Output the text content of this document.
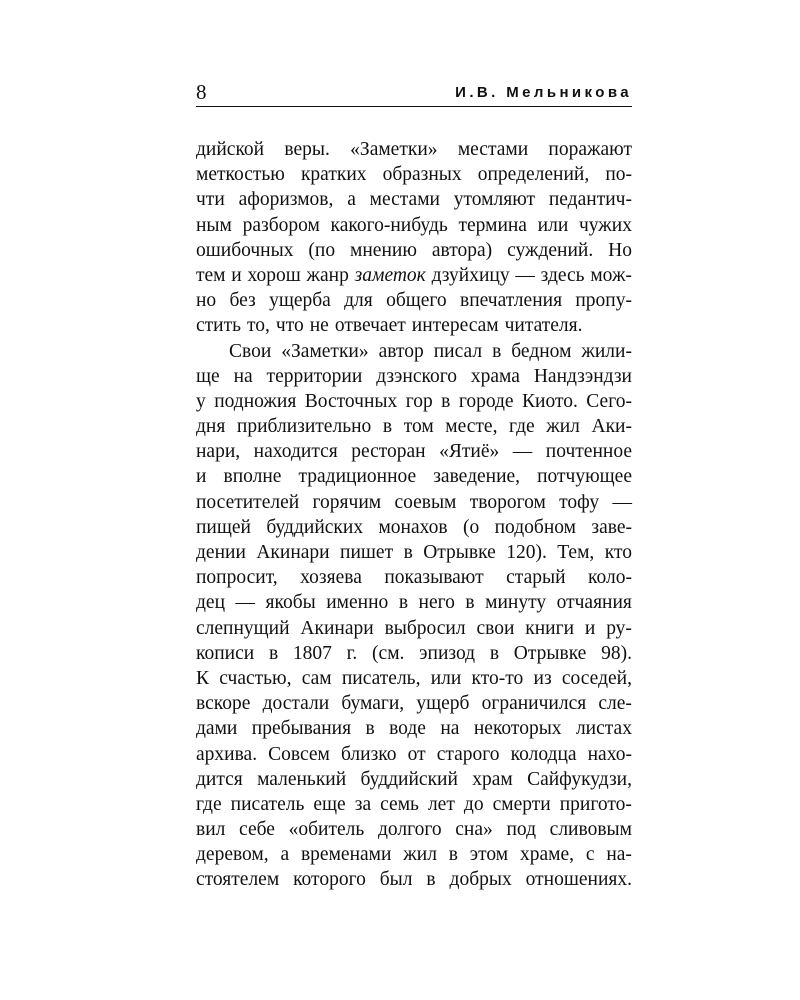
8	И.В. Мельникова
дийской веры. «Заметки» местами поражают
меткостью кратких образных определений, по-
чти афоризмов, а местами утомляют педантич-
ным разбором какого-нибудь термина или чужих
ошибочных (по мнению автора) суждений. Но
тем и хорош жанр заметок дзуйхицу — здесь мож-
но без ущерба для общего впечатления пропу-
стить то, что не отвечает интересам читателя.
Свои «Заметки» автор писал в бедном жили-
ще на территории дзэнского храма Нандзэндзи
у подножия Восточных гор в городе Киото. Сего-
дня приблизительно в том месте, где жил Аки-
нари, находится ресторан «Ятиё» — почтенное
и вполне традиционное заведение, потчующее
посетителей горячим соевым творогом тофу —
пищей буддийских монахов (о подобном заве-
дении Акинари пишет в Отрывке 120). Тем, кто
попросит, хозяева показывают старый коло-
дец — якобы именно в него в минуту отчаяния
слепнущий Акинари выбросил свои книги и ру-
кописи в 1807 г. (см. эпизод в Отрывке 98).
К счастью, сам писатель, или кто-то из соседей,
вскоре достали бумаги, ущерб ограничился сле-
дами пребывания в воде на некоторых листах
архива. Совсем близко от старого колодца нахо-
дится маленький буддийский храм Сайфукудзи,
где писатель еще за семь лет до смерти пригото-
вил себе «обитель долгого сна» под сливовым
деревом, а временами жил в этом храме, с на-
стоятелем которого был в добрых отношениях.
